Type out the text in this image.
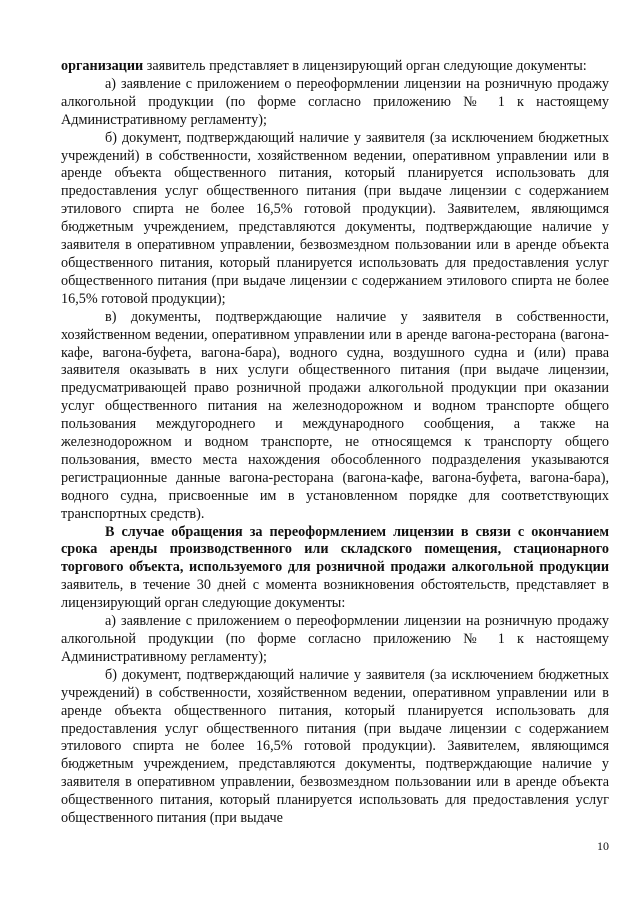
организации заявитель представляет в лицензирующий орган следующие документы:

а) заявление с приложением о переоформлении лицензии на розничную продажу алкогольной продукции (по форме согласно приложению № 1 к настоящему Административному регламенту);

б) документ, подтверждающий наличие у заявителя (за исключением бюджетных учреждений) в собственности, хозяйственном ведении, оперативном управлении или в аренде объекта общественного питания, который планируется использовать для предоставления услуг общественного питания (при выдаче лицензии с содержанием этилового спирта не более 16,5% готовой продукции). Заявителем, являющимся бюджетным учреждением, представляются документы, подтверждающие наличие у заявителя в оперативном управлении, безвозмездном пользовании или в аренде объекта общественного питания, который планируется использовать для предоставления услуг общественного питания (при выдаче лицензии с содержанием этилового спирта не более 16,5% готовой продукции);

в) документы, подтверждающие наличие у заявителя в собственности, хозяйственном ведении, оперативном управлении или в аренде вагона-ресторана (вагона-кафе, вагона-буфета, вагона-бара), водного судна, воздушного судна и (или) права заявителя оказывать в них услуги общественного питания (при выдаче лицензии, предусматривающей право розничной продажи алкогольной продукции при оказании услуг общественного питания на железнодорожном и водном транспорте общего пользования междугороднего и международного сообщения, а также на железнодорожном и водном транспорте, не относящемся к транспорту общего пользования, вместо места нахождения обособленного подразделения указываются регистрационные данные вагона-ресторана (вагона-кафе, вагона-буфета, вагона-бара), водного судна, присвоенные им в установленном порядке для соответствующих транспортных средств).

В случае обращения за переоформлением лицензии в связи с окончанием срока аренды производственного или складского помещения, стационарного торгового объекта, используемого для розничной продажи алкогольной продукции заявитель, в течение 30 дней с момента возникновения обстоятельств, представляет в лицензирующий орган следующие документы:

а) заявление с приложением о переоформлении лицензии на розничную продажу алкогольной продукции (по форме согласно приложению № 1 к настоящему Административному регламенту);

б) документ, подтверждающий наличие у заявителя (за исключением бюджетных учреждений) в собственности, хозяйственном ведении, оперативном управлении или в аренде объекта общественного питания, который планируется использовать для предоставления услуг общественного питания (при выдаче лицензии с содержанием этилового спирта не более 16,5% готовой продукции). Заявителем, являющимся бюджетным учреждением, представляются документы, подтверждающие наличие у заявителя в оперативном управлении, безвозмездном пользовании или в аренде объекта общественного питания, который планируется использовать для предоставления услуг общественного питания (при выдаче

10
